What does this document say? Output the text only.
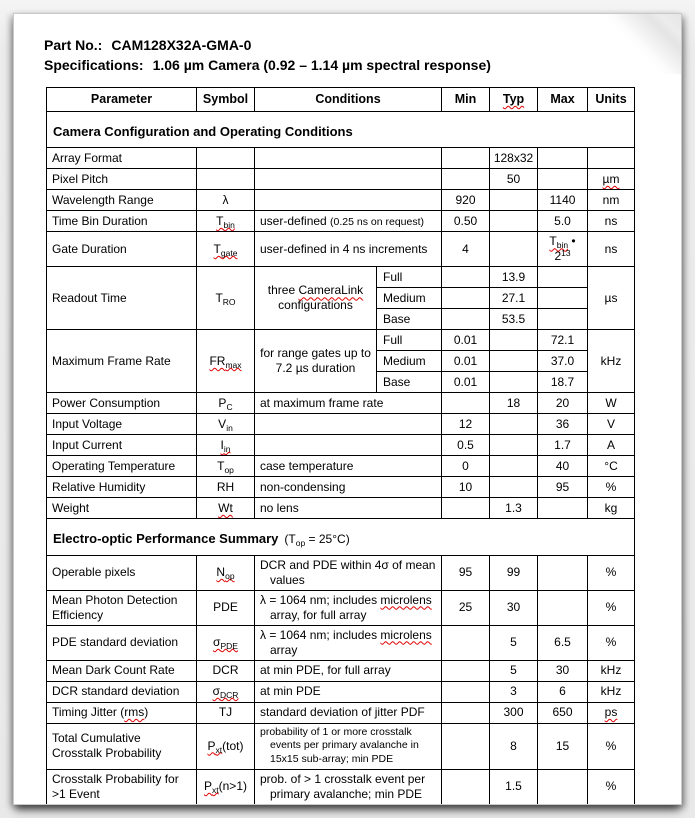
Part No.: CAM128X32A-GMA-0
Specifications: 1.06 µm Camera (0.92 – 1.14 µm spectral response)
Parameter	Symbol	Conditions		Min	Typ	Max	Units
Camera Configuration and Operating Conditions							
Array Format					128x32		
Pixel Pitch					50		µm
Wavelength Range	λ			920		1140	nm
Time Bin Duration	$T_{bin}$	user-defined (0.25 ns on request)		0.50		5.0	ns
Gate Duration	$T_{gate}$	user-defined in 4 ns increments		4		$T_{bin}$ • $2^{13}$	ns
Readout Time	$T_{RO}$	three CameraLink configurations	Full		13.9		µs
			Medium		27.1		
			Base		53.5		
Maximum Frame Rate	$FR_{max}$	for range gates up to 7.2 µs duration	Full	0.01		72.1	kHz
			Medium	0.01		37.0	
			Base	0.01		18.7	
Power Consumption	$P_C$	at maximum frame rate			18	20	W
Input Voltage	$V_{in}$			12		36	V
Input Current	$I_{in}$			0.5		1.7	A
Operating Temperature	$T_{op}$	case temperature		0		40	°C
Relative Humidity	RH	non-condensing		10		95	%
Weight	Wt	no lens			1.3		kg
Electro-optic Performance Summary $(T_{op} = 25^\circ C)$							
Operable pixels	$N_{op}$	DCR and PDE within 4σ of mean values		95	99		%
Mean Photon Detection Efficiency	PDE	λ = 1064 nm; includes microlens array, for full array		25	30		%
PDE standard deviation	$\sigma_{PDE}$	λ = 1064 nm; includes microlens array			5	6.5	%
Mean Dark Count Rate	DCR	at min PDE, for full array			5	30	kHz
DCR standard deviation	$\sigma_{DCR}$	at min PDE			3	6	kHz
Timing Jitter (rms)	TJ	standard deviation of jitter PDF			300	650	ps
Total Cumulative Crosstalk Probability	$P_{xt}(tot)$	probability of 1 or more crosstalk events per primary avalanche in 15x15 sub-array; min PDE			8	15	%
Crosstalk Probability for >1 Event	$P_{xt}(n>1)$	prob. of > 1 crosstalk event per primary avalanche; min PDE			1.5		%
